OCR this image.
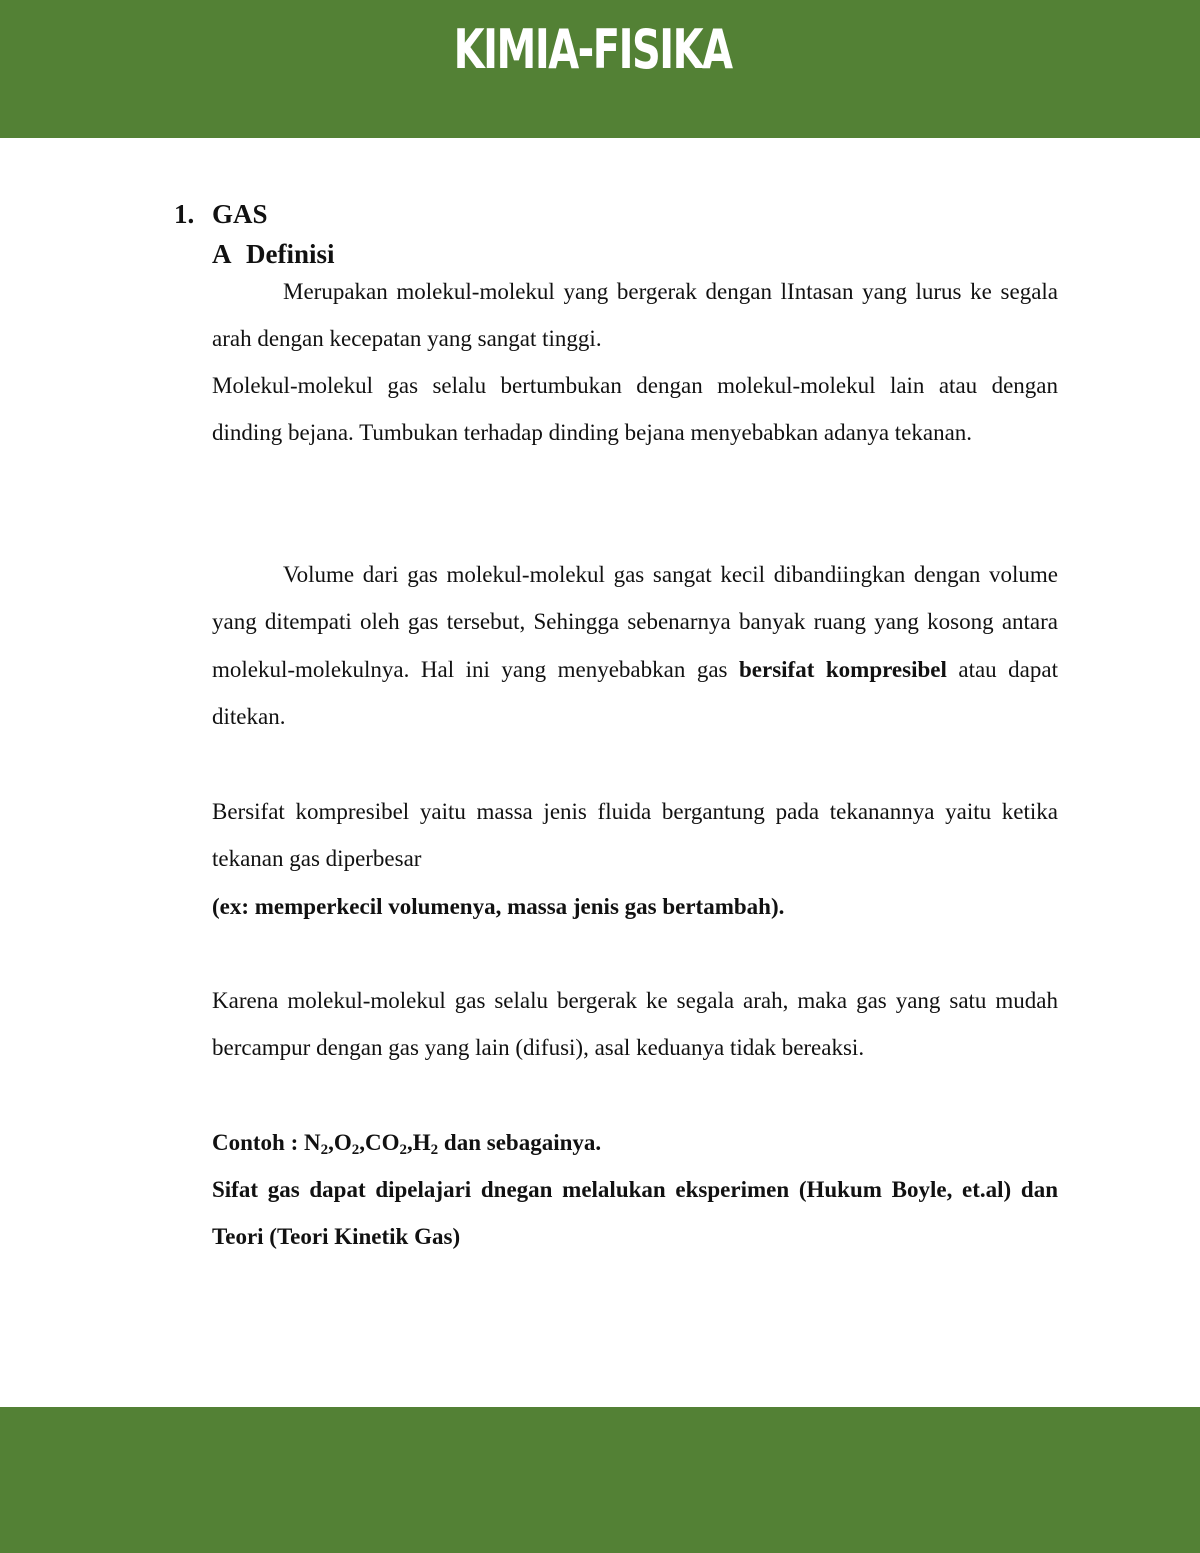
KIMIA-FISIKA
1. GAS
A Definisi

Merupakan molekul-molekul yang bergerak dengan lIntasan yang lurus ke segala arah dengan kecepatan yang sangat tinggi.

Molekul-molekul gas selalu bertumbukan dengan molekul-molekul lain atau dengan dinding bejana. Tumbukan terhadap dinding bejana menyebabkan adanya tekanan.

Volume dari gas molekul-molekul gas sangat kecil dibandiingkan dengan volume yang ditempati oleh gas tersebut, Sehingga sebenarnya banyak ruang yang kosong antara molekul-molekulnya. Hal ini yang menyebabkan gas bersifat kompresibel atau dapat ditekan.

Bersifat kompresibel yaitu massa jenis fluida bergantung pada tekanannya yaitu ketika tekanan gas diperbesar

(ex: memperkecil volumenya, massa jenis gas bertambah).

Karena molekul-molekul gas selalu bergerak ke segala arah, maka gas yang satu mudah bercampur dengan gas yang lain (difusi), asal keduanya tidak bereaksi.

Contoh : $N_2,O_2,CO_2,H_2$ dan sebagainya.

Sifat gas dapat dipelajari dnegan melalukan eksperimen (Hukum Boyle, et.al) dan Teori (Teori Kinetik Gas)
